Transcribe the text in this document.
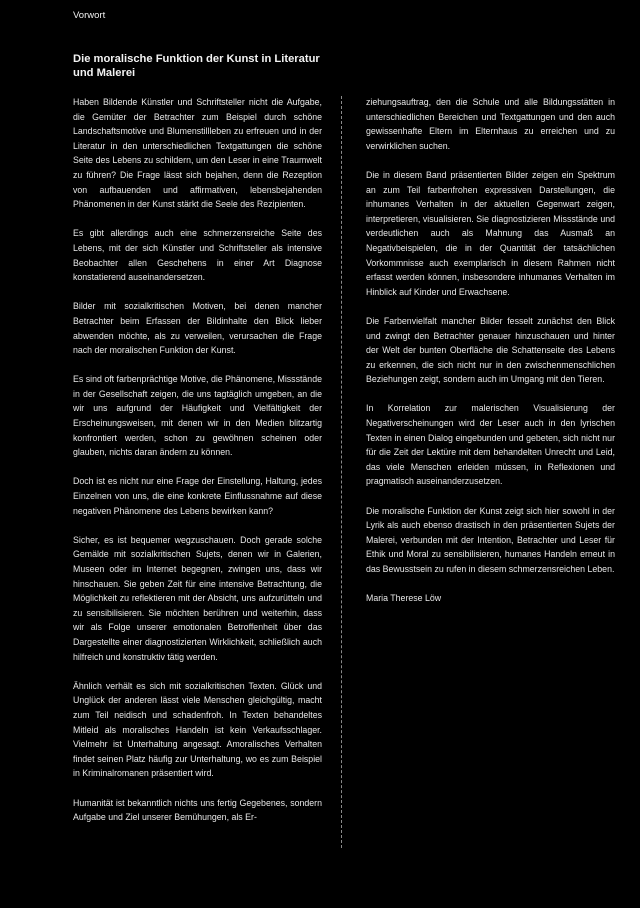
Vorwort
Die moralische Funktion der Kunst in Literatur und Malerei

Haben Bildende Künstler und Schriftsteller nicht die Aufgabe, die Gemüter der Betrachter zum Beispiel durch schöne Landschaftsmotive und Blumenstillleben zu erfreuen und in der Literatur in den unterschiedlichen Textgattungen die schöne Seite des Lebens zu schildern, um den Leser in eine Traumwelt zu führen? Die Frage lässt sich bejahen, denn die Rezeption von aufbauenden und affirmativen, lebensbejahenden Phänomenen in der Kunst stärkt die Seele des Rezipienten.

Es gibt allerdings auch eine schmerzensreiche Seite des Lebens, mit der sich Künstler und Schriftsteller als intensive Beobachter allen Geschehens in einer Art Diagnose konstatierend auseinandersetzen.

Bilder mit sozialkritischen Motiven, bei denen mancher Betrachter beim Erfassen der Bildinhalte den Blick lieber abwenden möchte, als zu verweilen, verursachen die Frage nach der moralischen Funktion der Kunst.

Es sind oft farbenprächtige Motive, die Phänomene, Missstände in der Gesellschaft zeigen, die uns tagtäglich umgeben, an die wir uns aufgrund der Häufigkeit und Vielfältigkeit der Erscheinungsweisen, mit denen wir in den Medien blitzartig konfrontiert werden, schon zu gewöhnen scheinen oder glauben, nichts daran ändern zu können.

Doch ist es nicht nur eine Frage der Einstellung, Haltung, jedes Einzelnen von uns, die eine konkrete Einflussnahme auf diese negativen Phänomene des Lebens bewirken kann?

Sicher, es ist bequemer wegzuschauen. Doch gerade solche Gemälde mit sozialkritischen Sujets, denen wir in Galerien, Museen oder im Internet begegnen, zwingen uns, dass wir hinschauen. Sie geben Zeit für eine intensive Betrachtung, die Möglichkeit zu reflektieren mit der Absicht, uns aufzurütteln und zu sensibilisieren. Sie möchten berühren und weiterhin, dass wir als Folge unserer emotionalen Betroffenheit über das Dargestellte einer diagnostizierten Wirklichkeit, schließlich auch hilfreich und konstruktiv tätig werden.

Ähnlich verhält es sich mit sozialkritischen Texten. Glück und Unglück der anderen lässt viele Menschen gleichgültig, macht zum Teil neidisch und schadenfroh. In Texten behandeltes Mitleid als moralisches Handeln ist kein Verkaufsschlager. Vielmehr ist Unterhaltung angesagt. Amoralisches Verhalten findet seinen Platz häufig zur Unterhaltung, wo es zum Beispiel in Kriminalromanen präsentiert wird.

Humanität ist bekanntlich nichts uns fertig Gegebenes, sondern Aufgabe und Ziel unserer Bemühungen, als Er-

ziehungsauftrag, den die Schule und alle Bildungsstätten in unterschiedlichen Bereichen und Textgattungen und den auch gewissenhafte Eltern im Elternhaus zu erreichen und zu verwirklichen suchen.

Die in diesem Band präsentierten Bilder zeigen ein Spektrum an zum Teil farbenfrohen expressiven Darstellungen, die inhumanes Verhalten in der aktuellen Gegenwart zeigen, interpretieren, visualisieren. Sie diagnostizieren Missstände und verdeutlichen auch als Mahnung das Ausmaß an Negativbeispielen, die in der Quantität der tatsächlichen Vorkommnisse auch exemplarisch in diesem Rahmen nicht erfasst werden können, insbesondere inhumanes Verhalten im Hinblick auf Kinder und Erwachsene.

Die Farbenvielfalt mancher Bilder fesselt zunächst den Blick und zwingt den Betrachter genauer hinzuschauen und hinter der Welt der bunten Oberfläche die Schattenseite des Lebens zu erkennen, die sich nicht nur in den zwischenmenschlichen Beziehungen zeigt, sondern auch im Umgang mit den Tieren.

In Korrelation zur malerischen Visualisierung der Negativerscheinungen wird der Leser auch in den lyrischen Texten in einen Dialog eingebunden und gebeten, sich nicht nur für die Zeit der Lektüre mit dem behandelten Unrecht und Leid, das viele Menschen erleiden müssen, in Reflexionen und pragmatisch auseinanderzusetzen.

Die moralische Funktion der Kunst zeigt sich hier sowohl in der Lyrik als auch ebenso drastisch in den präsentierten Sujets der Malerei, verbunden mit der Intention, Betrachter und Leser für Ethik und Moral zu sensibilisieren, humanes Handeln erneut in das Bewusstsein zu rufen in diesem schmerzensreichen Leben.

Maria Therese Löw
